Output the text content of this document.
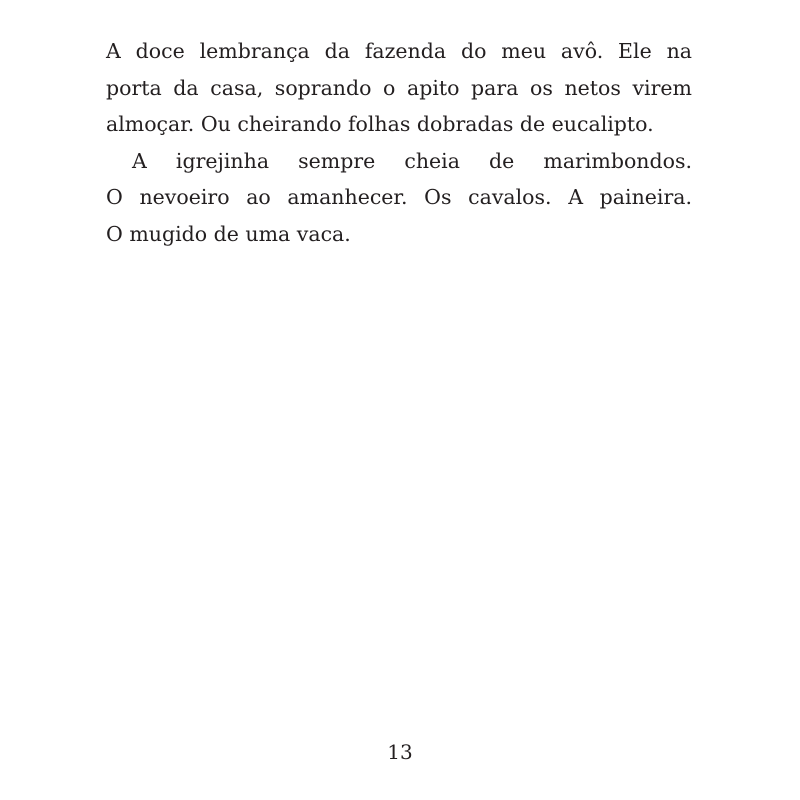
A doce lembrança da fazenda do meu avô. Ele na
porta da casa, soprando o apito para os netos virem
almoçar. Ou cheirando folhas dobradas de eucalipto.
A igrejinha sempre cheia de marimbondos.
O nevoeiro ao amanhecer. Os cavalos. A paineira.
O mugido de uma vaca.
13
